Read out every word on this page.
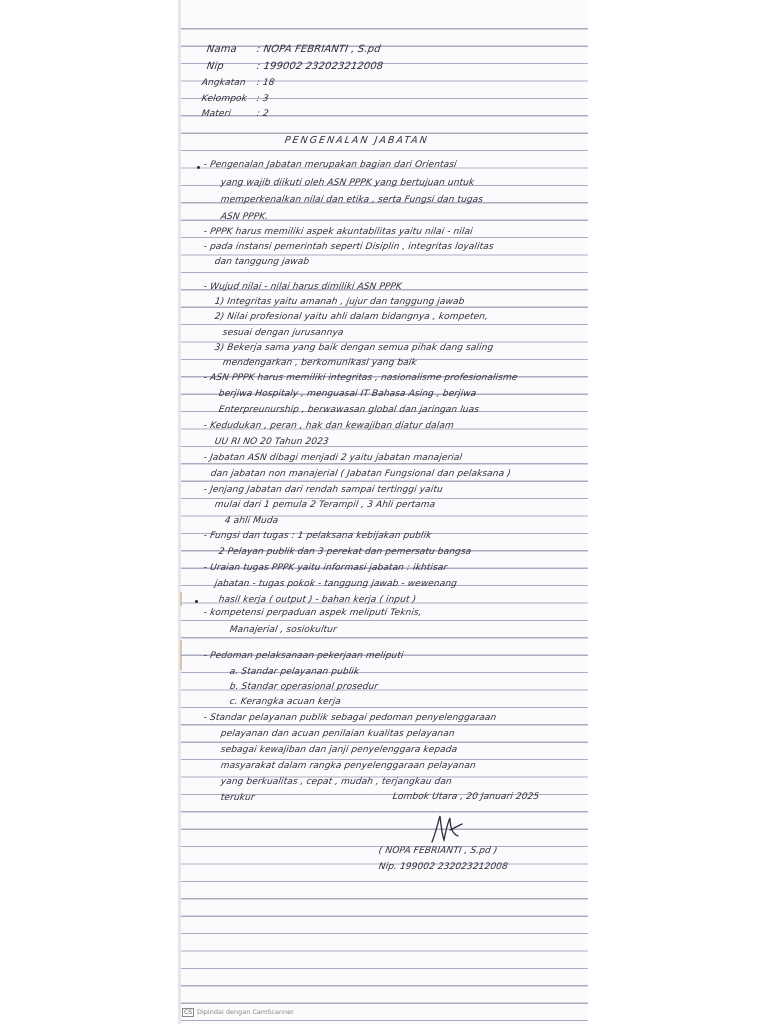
Nama : NOPA FEBRIANTI , S.pd
Nip	: 199002 232023212008
Angkatan : 18
Kelompok : 3
Materi	: 2
PENGENALAN JABATAN
- Pengenalan Jabatan merupakan bagian dari Orientasi
yang wajib diikuti oleh ASN PPPK yang bertujuan untuk
memperkenalkan nilai dan etika , serta Fungsi dan tugas
ASN PPPK.
- PPPK harus memiliki aspek akuntabilitas yaitu nilai - nilai
- pada instansi pemerintah seperti Disiplin , integritas loyalitas
dan tanggung jawab
- Wujud nilai - nilai harus dimiliki ASN PPPK
1) Integritas yaitu amanah , jujur dan tanggung jawab
2) Nilai profesional yaitu ahli dalam bidangnya , kompeten,
sesuai dengan jurusannya
3) Bekerja sama yang baik dengan semua pihak dang saling
mendengarkan , berkomunikasi yang baik
- ASN PPPK harus memiliki integritas , nasionalisme profesionalisme
berjiwa Hospitaly , menguasai IT Bahasa Asing , berjiwa
Enterpreunurship , berwawasan global dan jaringan luas
- Kedudukan , peran , hak dan kewajiban diatur dalam
UU RI NO 20 Tahun 2023
- Jabatan ASN dibagi menjadi 2 yaitu jabatan manajerial
dan jabatan non manajerial ( Jabatan Fungsional dan pelaksana )
- Jenjang Jabatan dari rendah sampai tertinggi yaitu
mulai dari 1 pemula 2 Terampil , 3 Ahli pertama
4 ahli Muda
- Fungsi dan tugas : 1 pelaksana kebijakan publik
2 Pelayan publik dan 3 perekat dan pemersatu bangsa
- Uraian tugas PPPK yaitu informasi jabatan : ikhtisar
jabatan - tugas pokok - tanggung jawab - wewenang
hasil kerja ( output ) - bahan kerja ( input )
- kompetensi perpaduan aspek meliputi Teknis,
Manajerial , sosiokultur
- Pedoman pelaksanaan pekerjaan meliputi
a. Standar pelayanan publik
b. Standar operasional prosedur
c. Kerangka acuan kerja
- Standar pelayanan publik sebagai pedoman penyelenggaraan
pelayanan dan acuan penilaian kualitas pelayanan
sebagai kewajiban dan janji penyelenggara kepada
masyarakat dalam rangka penyelenggaraan pelayanan
yang berkualitas , cepat , mudah , terjangkau dan
terukur	Lombok Utara , 20 Januari 2025
( NOPA FEBRIANTI , S.pd )
Nip. 199002 232023212008
CS Dipindai dengan CamScanner
